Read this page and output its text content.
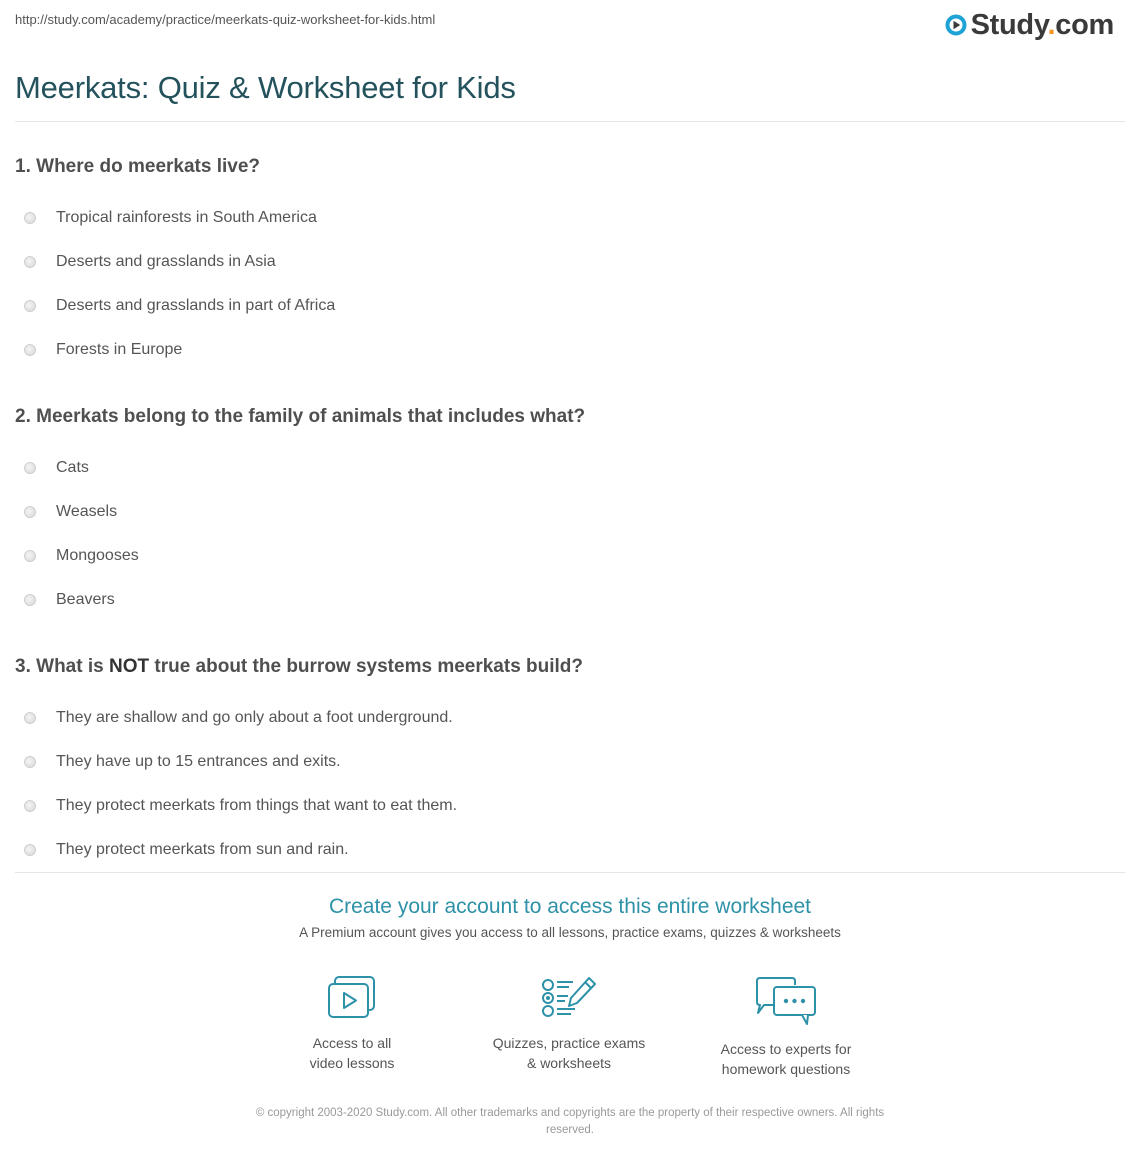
http://study.com/academy/practice/meerkats-quiz-worksheet-for-kids.html	Study.com
Meerkats: Quiz & Worksheet for Kids
1. Where do meerkats live?
Tropical rainforests in South America
Deserts and grasslands in Asia
Deserts and grasslands in part of Africa
Forests in Europe
2. Meerkats belong to the family of animals that includes what?
Cats
Weasels
Mongooses
Beavers
3. What is NOT true about the burrow systems meerkats build?
They are shallow and go only about a foot underground.
They have up to 15 entrances and exits.
They protect meerkats from things that want to eat them.
They protect meerkats from sun and rain.
Create your account to access this entire worksheet
A Premium account gives you access to all lessons, practice exams, quizzes & worksheets
Access to all
video lessons
Quizzes, practice exams
& worksheets
Access to experts for
homework questions
© copyright 2003-2020 Study.com. All other trademarks and copyrights are the property of their respective owners. All rights
reserved.
